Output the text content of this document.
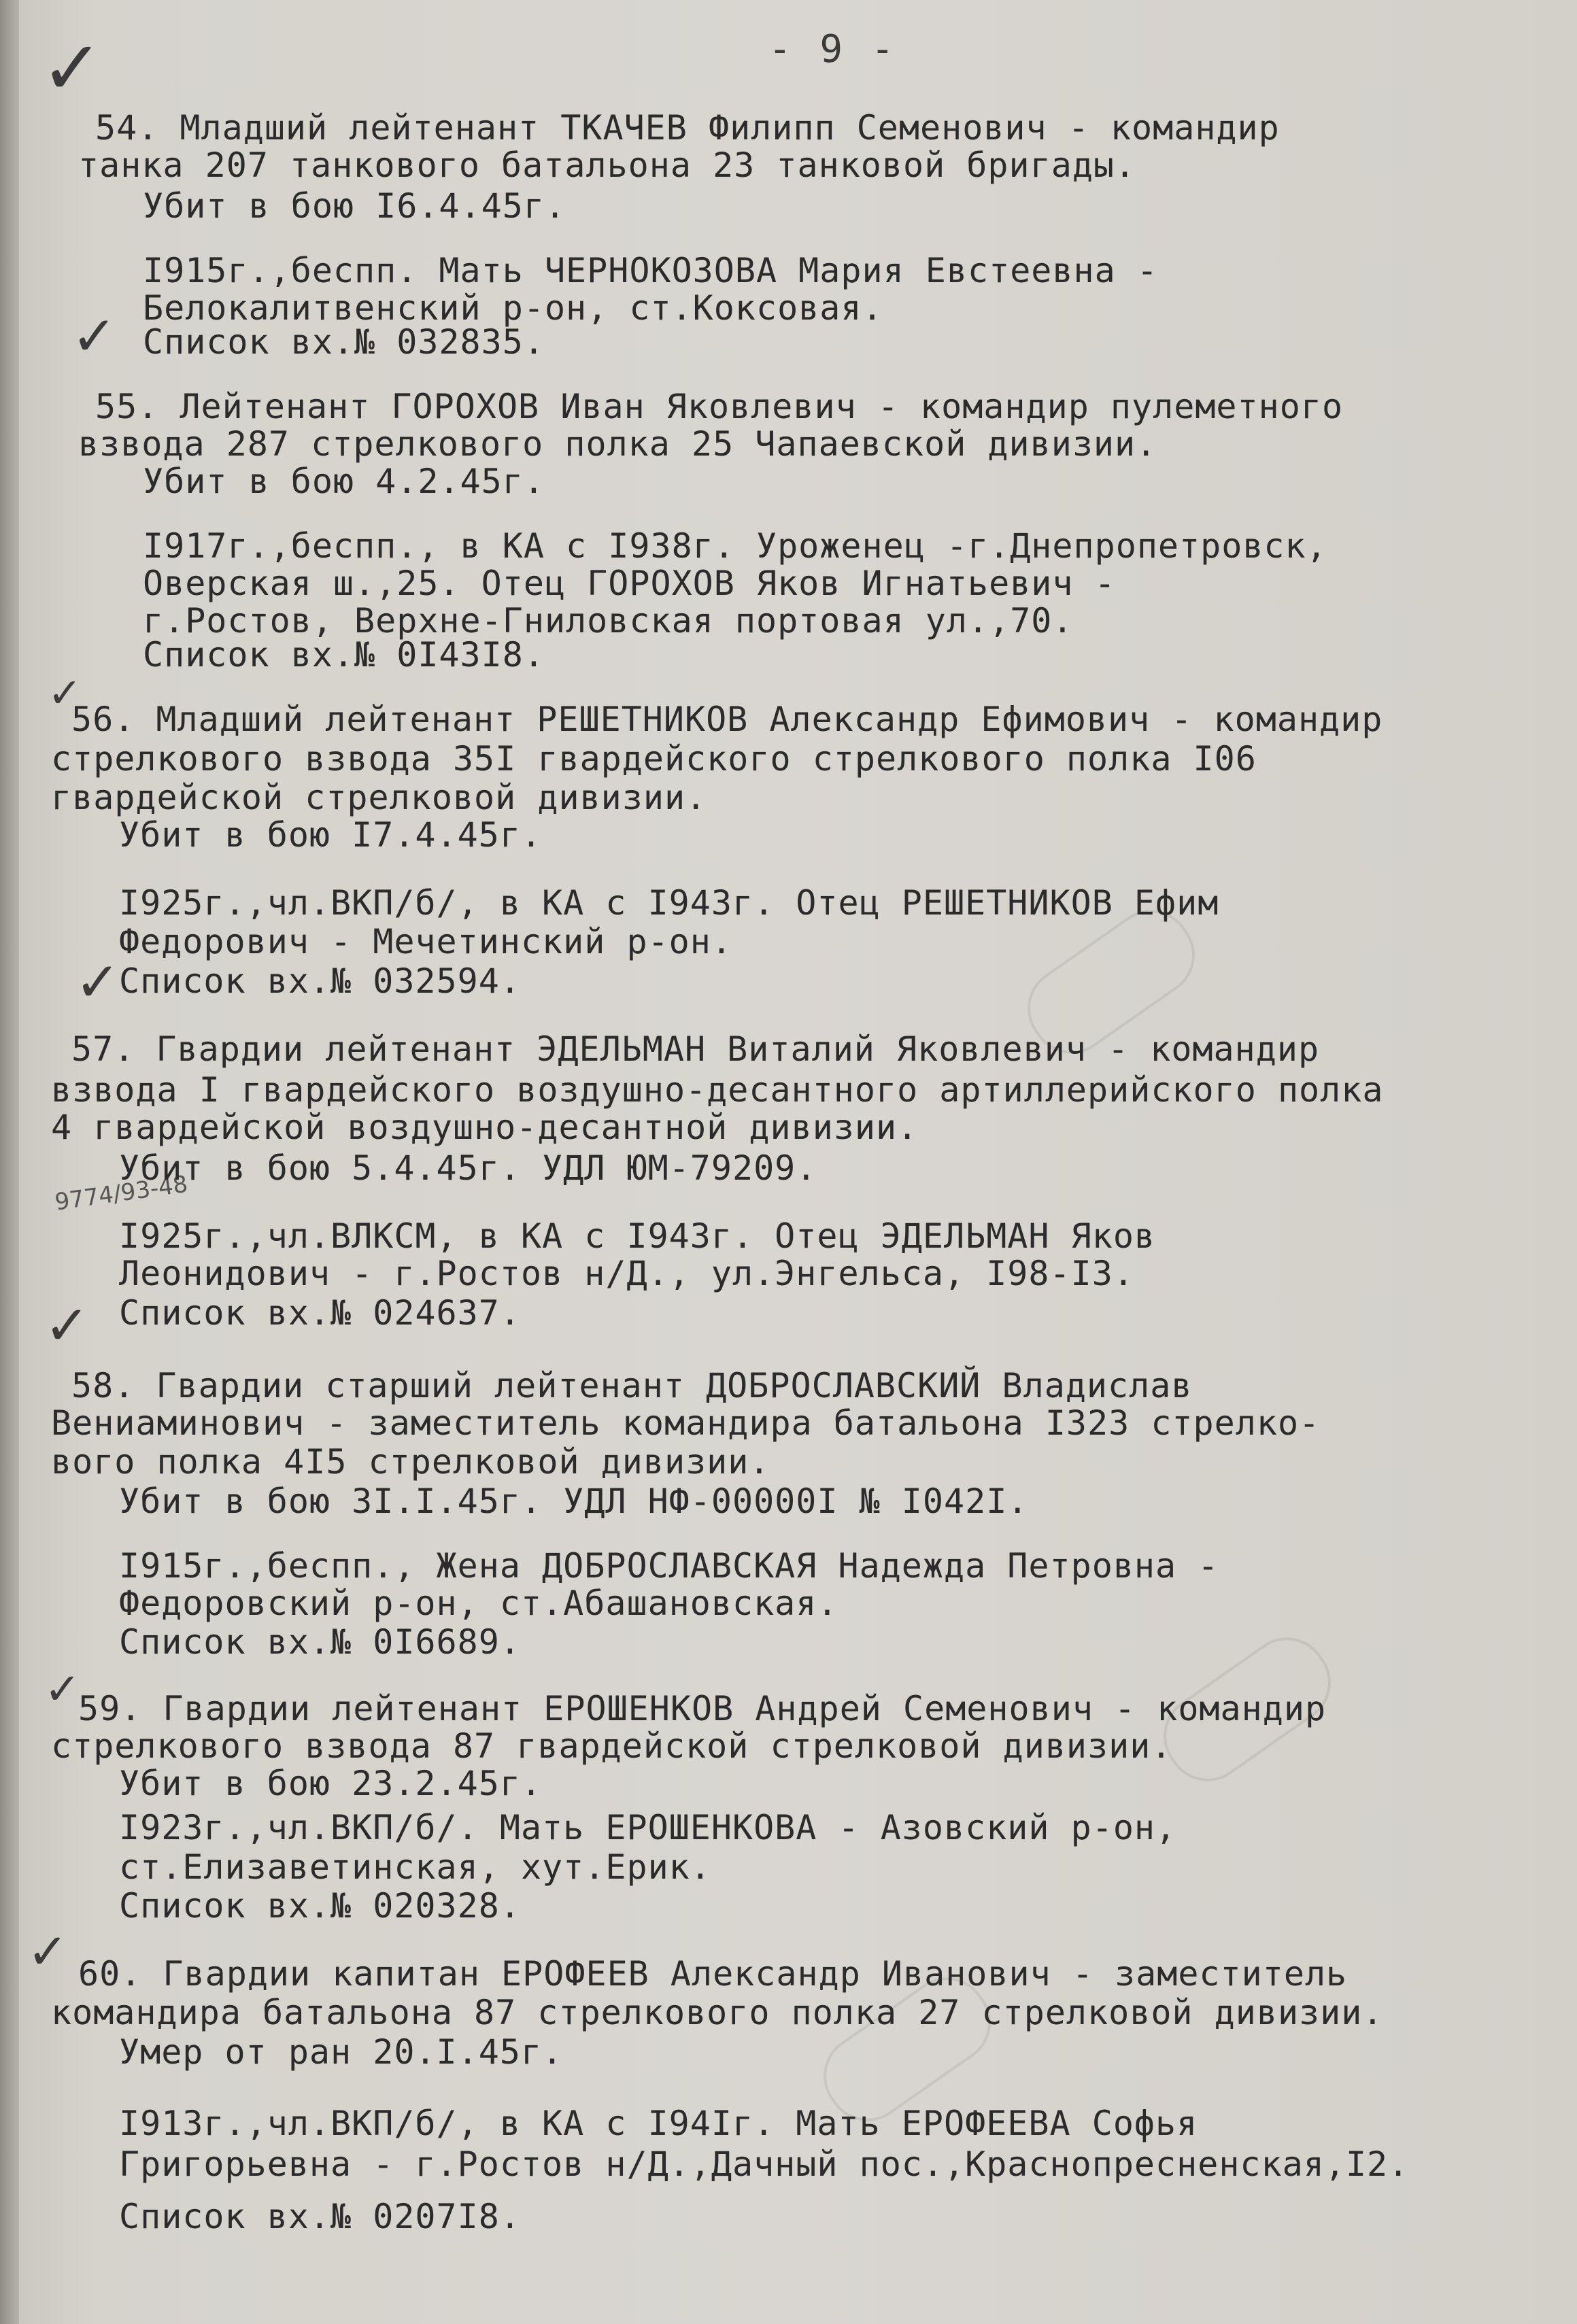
- 9 -
✓
✓
✓
✓
✓
✓
✓
9774/93-48
54. Младший лейтенант ТКАЧЕВ Филипп Семенович - командир
танка 207 танкового батальона 23 танковой бригады.
Убит в бою I6.4.45г.
I915г.,беспп. Мать ЧЕРНОКОЗОВА Мария Евстеевна -
Белокалитвенский р-он, ст.Коксовая.
Список вх.№ 032835.
55. Лейтенант ГОРОХОВ Иван Яковлевич - командир пулеметного
взвода 287 стрелкового полка 25 Чапаевской дивизии.
Убит в бою 4.2.45г.
I917г.,беспп., в КА с I938г. Уроженец -г.Днепропетровск,
Оверская ш.,25. Отец ГОРОХОВ Яков Игнатьевич -
г.Ростов, Верхне-Гниловская портовая ул.,70.
Список вх.№ 0I43I8.
56. Младший лейтенант РЕШЕТНИКОВ Александр Ефимович - командир
стрелкового взвода 35I гвардейского стрелкового полка I06
гвардейской стрелковой дивизии.
Убит в бою I7.4.45г.
I925г.,чл.ВКП/б/, в КА с I943г. Отец РЕШЕТНИКОВ Ефим
Федорович - Мечетинский р-он.
Список вх.№ 032594.
57. Гвардии лейтенант ЭДЕЛЬМАН Виталий Яковлевич - командир
взвода I гвардейского воздушно-десантного артиллерийского полка
4 гвардейской воздушно-десантной дивизии.
Убит в бою 5.4.45г. УДЛ ЮМ-79209.
I925г.,чл.ВЛКСМ, в КА с I943г. Отец ЭДЕЛЬМАН Яков
Леонидович - г.Ростов н/Д., ул.Энгельса, I98-I3.
Список вх.№ 024637.
58. Гвардии старший лейтенант ДОБРОСЛАВСКИЙ Владислав
Вениаминович - заместитель командира батальона I323 стрелко-
вого полка 4I5 стрелковой дивизии.
Убит в бою 3I.I.45г. УДЛ НФ-00000I № I042I.
I915г.,беспп., Жена ДОБРОСЛАВСКАЯ Надежда Петровна -
Федоровский р-он, ст.Абашановская.
Список вх.№ 0I6689.
59. Гвардии лейтенант ЕРОШЕНКОВ Андрей Семенович - командир
стрелкового взвода 87 гвардейской стрелковой дивизии.
Убит в бою 23.2.45г.
I923г.,чл.ВКП/б/. Мать ЕРОШЕНКОВА - Азовский р-он,
ст.Елизаветинская, хут.Ерик.
Список вх.№ 020328.
60. Гвардии капитан ЕРОФЕЕВ Александр Иванович - заместитель
командира батальона 87 стрелкового полка 27 стрелковой дивизии.
Умер от ран 20.I.45г.
I913г.,чл.ВКП/б/, в КА с I94Iг. Мать ЕРОФЕЕВА Софья
Григорьевна - г.Ростов н/Д.,Дачный пос.,Краснопресненская,I2.
Список вх.№ 0207I8.
